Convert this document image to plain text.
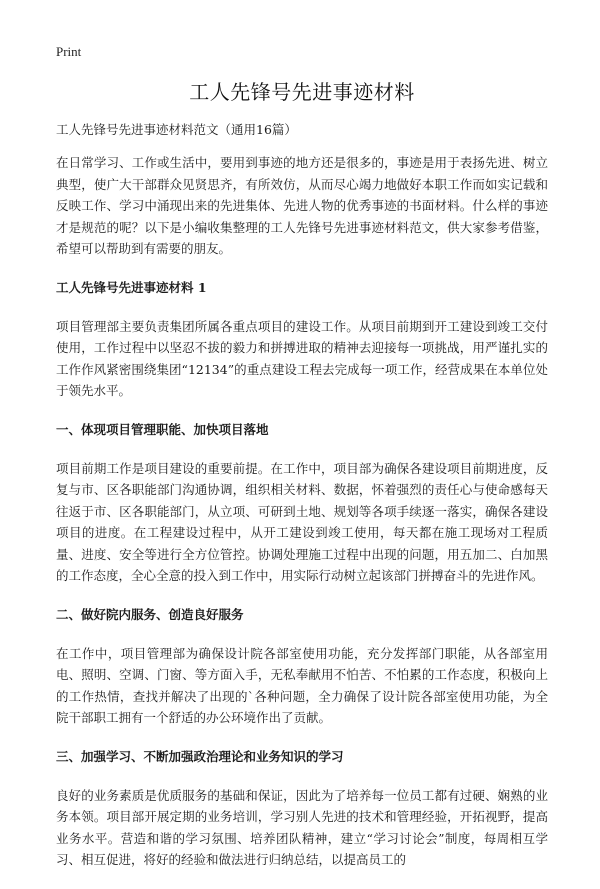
Print
工人先锋号先进事迹材料
工人先锋号先进事迹材料范文（通用16篇）

在日常学习、工作或生活中，要用到事迹的地方还是很多的，事迹是用于表扬先进、树立典型，使广大干部群众见贤思齐，有所效仿，从而尽心竭力地做好本职工作而如实记载和反映工作、学习中涌现出来的先进集体、先进人物的优秀事迹的书面材料。什么样的事迹才是规范的呢？以下是小编收集整理的工人先锋号先进事迹材料范文，供大家参考借鉴，希望可以帮助到有需要的朋友。

工人先锋号先进事迹材料 1

项目管理部主要负责集团所属各重点项目的建设工作。从项目前期到开工建设到竣工交付使用，工作过程中以坚忍不拔的毅力和拼搏进取的精神去迎接每一项挑战，用严谨扎实的工作作风紧密围绕集团“12134”的重点建设工程去完成每一项工作，经营成果在本单位处于领先水平。

一、体现项目管理职能、加快项目落地

项目前期工作是项目建设的重要前提。在工作中，项目部为确保各建设项目前期进度，反复与市、区各职能部门沟通协调，组织相关材料、数据，怀着强烈的责任心与使命感每天往返于市、区各职能部门，从立项、可研到土地、规划等各项手续逐一落实，确保各建设项目的进度。在工程建设过程中，从开工建设到竣工使用，每天都在施工现场对工程质量、进度、安全等进行全方位管控。协调处理施工过程中出现的问题，用五加二、白加黑的工作态度，全心全意的投入到工作中，用实际行动树立起该部门拼搏奋斗的先进作风。

二、做好院内服务、创造良好服务

在工作中，项目管理部为确保设计院各部室使用功能，充分发挥部门职能，从各部室用电、照明、空调、门窗、等方面入手，无私奉献用不怕苦、不怕累的工作态度，积极向上的工作热情，查找并解决了出现的`各种问题，全力确保了设计院各部室使用功能，为全院干部职工拥有一个舒适的办公环境作出了贡献。

三、加强学习、不断加强政治理论和业务知识的学习

良好的业务素质是优质服务的基础和保证，因此为了培养每一位员工都有过硬、娴熟的业务本领。项目部开展定期的业务培训，学习别人先进的技术和管理经验，开拓视野，提高业务水平。营造和谐的学习氛围、培养团队精神，建立“学习讨论会”制度，每周相互学习、相互促进，将好的经验和做法进行归纳总结，以提高员工的
